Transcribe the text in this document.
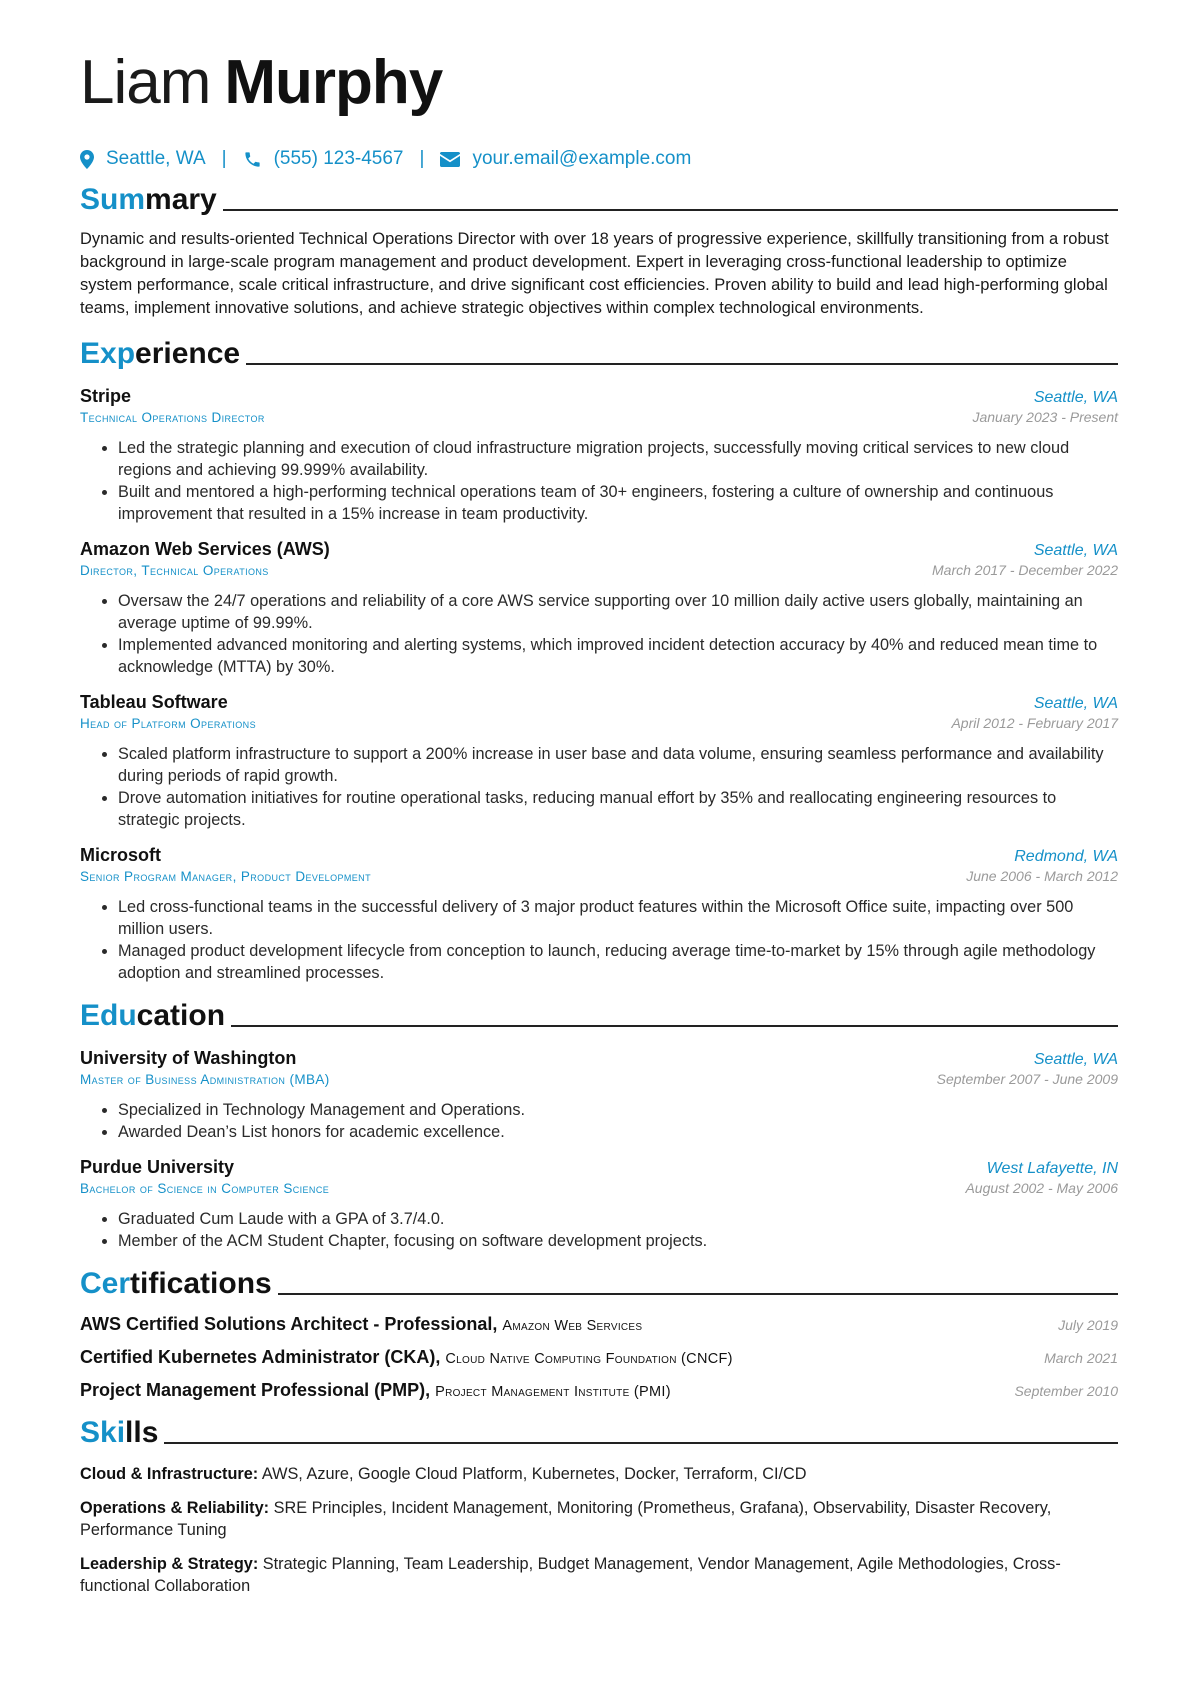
Liam Murphy
Seattle, WA | (555) 123-4567 |	your.email@example.com
Summary
Dynamic and results-oriented Technical Operations Director with over 18 years of progressive experience, skillfully transitioning from a robust background in large-scale program management and product development. Expert in leveraging cross-functional leadership to optimize system performance, scale critical infrastructure, and drive significant cost efficiencies. Proven ability to build and lead high-performing global teams, implement innovative solutions, and achieve strategic objectives within complex technological environments.
Experience
Stripe	Seattle, WA
Technical Operations Director	January 2023 - Present
• Led the strategic planning and execution of cloud infrastructure migration projects, successfully moving critical services to new cloud regions and achieving 99.999% availability.
• Built and mentored a high-performing technical operations team of 30+ engineers, fostering a culture of ownership and continuous improvement that resulted in a 15% increase in team productivity.
Amazon Web Services (AWS)	Seattle, WA
Director, Technical Operations	March 2017 - December 2022
• Oversaw the 24/7 operations and reliability of a core AWS service supporting over 10 million daily active users globally, maintaining an average uptime of 99.99%.
• Implemented advanced monitoring and alerting systems, which improved incident detection accuracy by 40% and reduced mean time to acknowledge (MTTA) by 30%.
Tableau Software	Seattle, WA
Head of Platform Operations	April 2012 - February 2017
• Scaled platform infrastructure to support a 200% increase in user base and data volume, ensuring seamless performance and availability during periods of rapid growth.
• Drove automation initiatives for routine operational tasks, reducing manual effort by 35% and reallocating engineering resources to strategic projects.
Microsoft	Redmond, WA
Senior Program Manager, Product Development	June 2006 - March 2012
• Led cross-functional teams in the successful delivery of 3 major product features within the Microsoft Office suite, impacting over 500 million users.
• Managed product development lifecycle from conception to launch, reducing average time-to-market by 15% through agile methodology adoption and streamlined processes.
Education
University of Washington	Seattle, WA
Master of Business Administration (MBA)	September 2007 - June 2009
• Specialized in Technology Management and Operations.
• Awarded Dean’s List honors for academic excellence.
Purdue University	West Lafayette, IN
Bachelor of Science in Computer Science	August 2002 - May 2006
• Graduated Cum Laude with a GPA of 3.7/4.0.
• Member of the ACM Student Chapter, focusing on software development projects.
Certifications
AWS Certified Solutions Architect - Professional, Amazon Web Services	July 2019
Certified Kubernetes Administrator (CKA), Cloud Native Computing Foundation (CNCF)	March 2021
Project Management Professional (PMP), Project Management Institute (PMI)	September 2010
Skills
Cloud & Infrastructure: AWS, Azure, Google Cloud Platform, Kubernetes, Docker, Terraform, CI/CD
Operations & Reliability: SRE Principles, Incident Management, Monitoring (Prometheus, Grafana), Observability, Disaster Recovery, Performance Tuning
Leadership & Strategy: Strategic Planning, Team Leadership, Budget Management, Vendor Management, Agile Methodologies, Cross-functional Collaboration
